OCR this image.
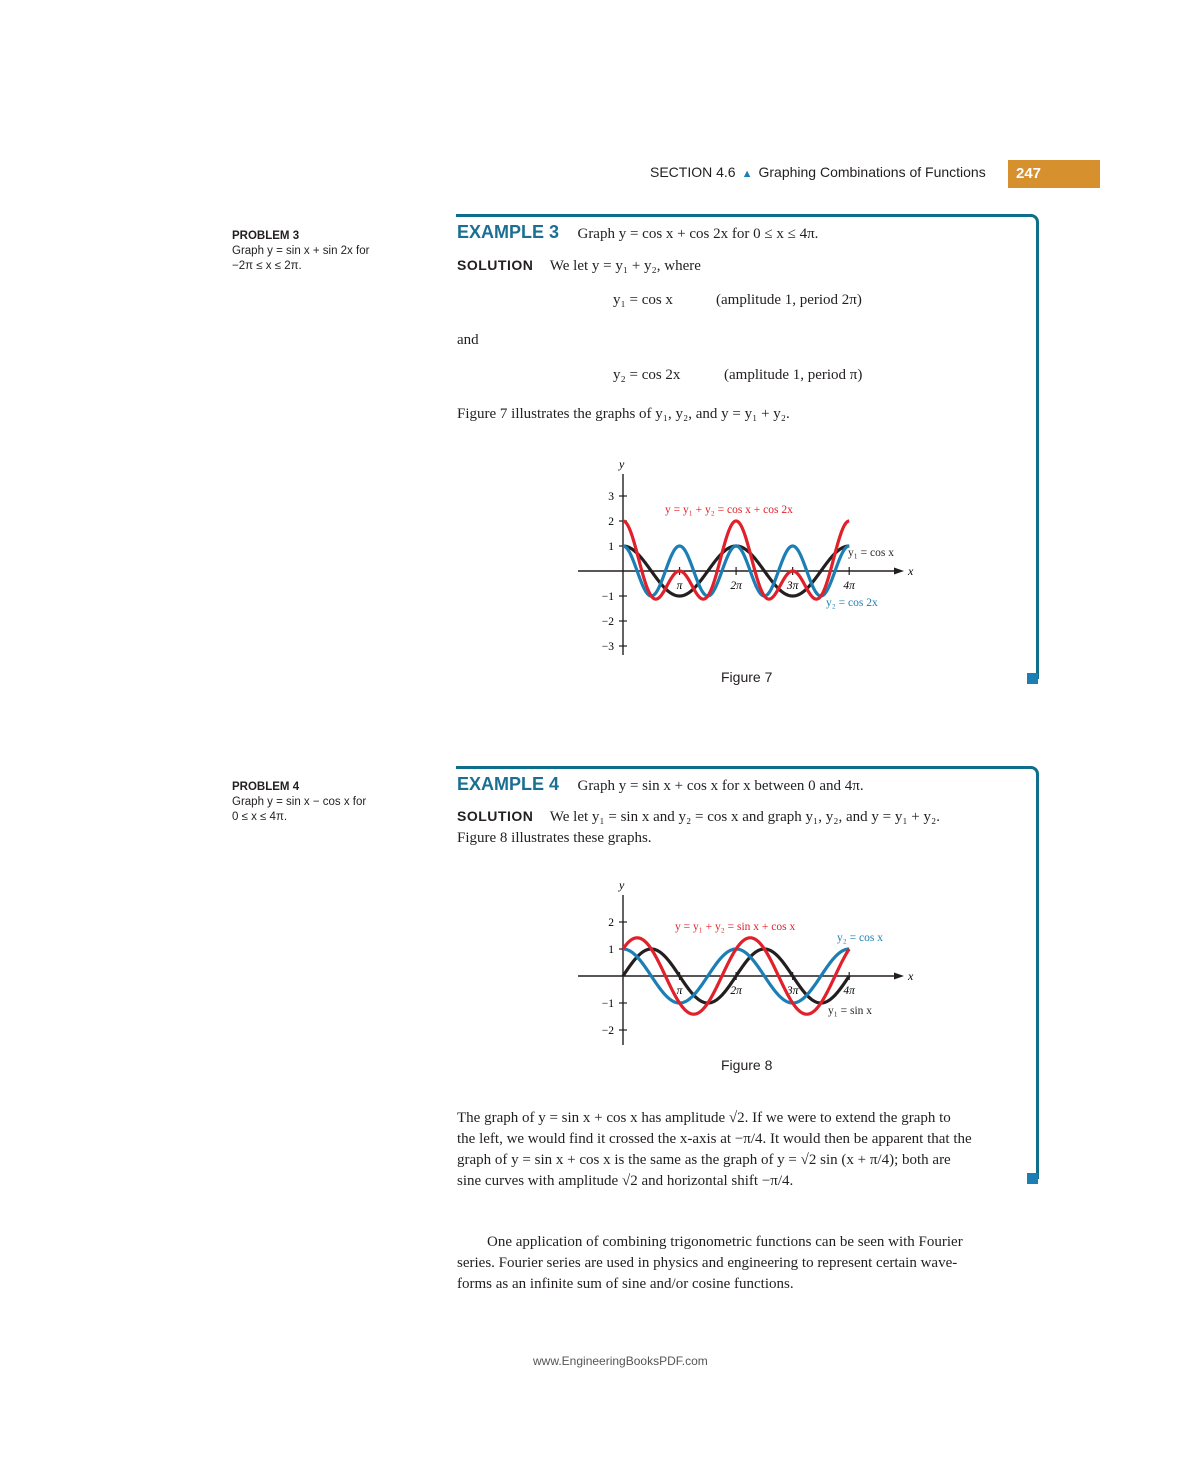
SECTION 4.6 ▲ Graphing Combinations of Functions	247
PROBLEM 3
Graph y = sin x + sin 2x for
−2π ≤ x ≤ 2π.
EXAMPLE 3 Graph y = cos x + cos 2x for 0 ≤ x ≤ 4π.
SOLUTION We let y = y₁ + y₂, where
y₁ = cos x	(amplitude 1, period 2π)
and
y₂ = cos 2x	(amplitude 1, period π)
Figure 7 illustrates the graphs of y₁, y₂, and y = y₁ + y₂.
x
y
3
2
1
−1
−2
−3
π	2π	3π	4π
y = y₁ + y₂ = cos x + cos 2x
y₁ = cos x
y₂ = cos 2x
Figure 7
PROBLEM 4
Graph y = sin x − cos x for
0 ≤ x ≤ 4π.
EXAMPLE 4 Graph y = sin x + cos x for x between 0 and 4π.
SOLUTION We let y₁ = sin x and y₂ = cos x and graph y₁, y₂, and y = y₁ + y₂.
Figure 8 illustrates these graphs.
x
y
2
1
−1
−2
π	2π	3π	4π
y = y₁ + y₂ = sin x + cos x
y₁ = sin x
y₂ = cos x
Figure 8
The graph of y = sin x + cos x has amplitude √2. If we were to extend the graph to
the left, we would find it crossed the x-axis at −π/4. It would then be apparent that the
graph of y = sin x + cos x is the same as the graph of y = √2 sin (x + π/4); both are
sine curves with amplitude √2 and horizontal shift −π/4.
One application of combining trigonometric functions can be seen with Fourier
series. Fourier series are used in physics and engineering to represent certain wave-
forms as an infinite sum of sine and/or cosine functions.
www.EngineeringBooksPDF.com
